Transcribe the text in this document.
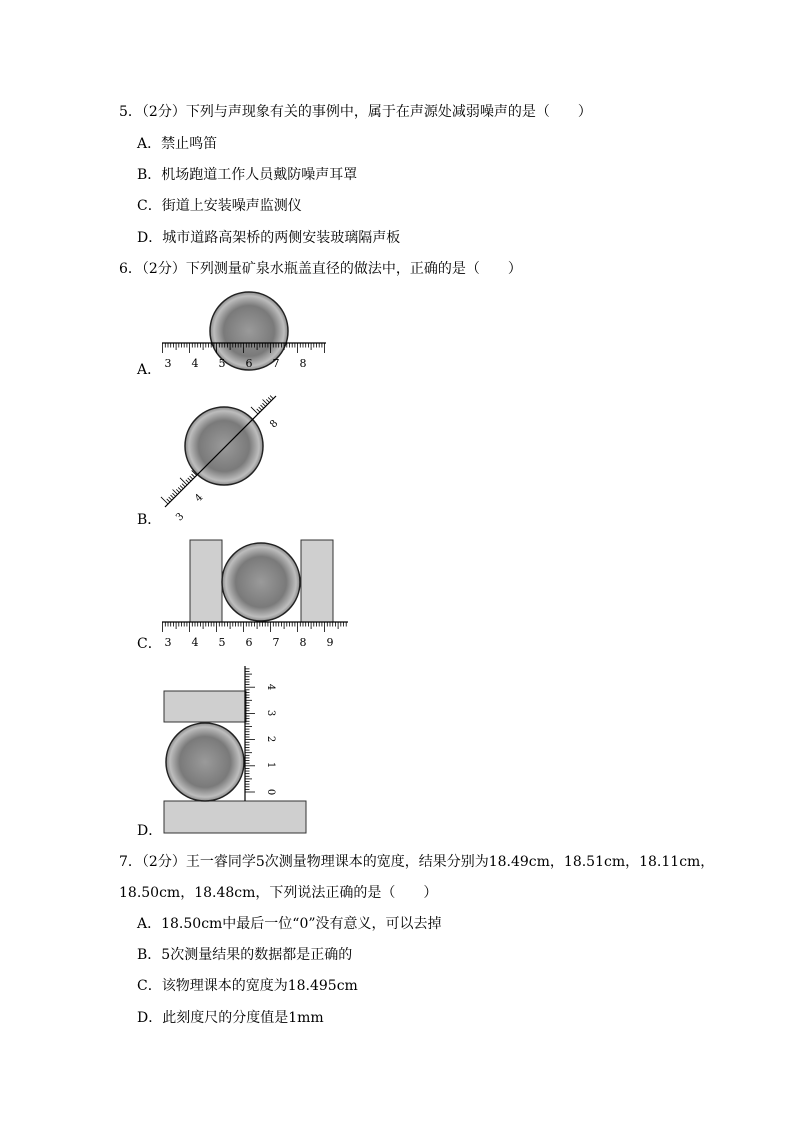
5．（2分）下列与声现象有关的事例中，属于在声源处减弱噪声的是（　　）
A．禁止鸣笛
B．机场跑道工作人员戴防噪声耳罩
C．街道上安装噪声监测仪
D．城市道路高架桥的两侧安装玻璃隔声板
6．（2分）下列测量矿泉水瓶盖直径的做法中，正确的是（　　）
A．
B．
C．
D．
3 4 5 6 7 8
3
4
8
3 4 5 6 7 8 9
0
1
2
3
4
7．（2分）王一睿同学5次测量物理课本的宽度，结果分别为18.49cm，18.51cm，18.11cm，
18.50cm，18.48cm，下列说法正确的是（　　）
A．18.50cm中最后一位“0”没有意义，可以去掉
B．5次测量结果的数据都是正确的
C．该物理课本的宽度为18.495cm
D．此刻度尺的分度值是1mm
